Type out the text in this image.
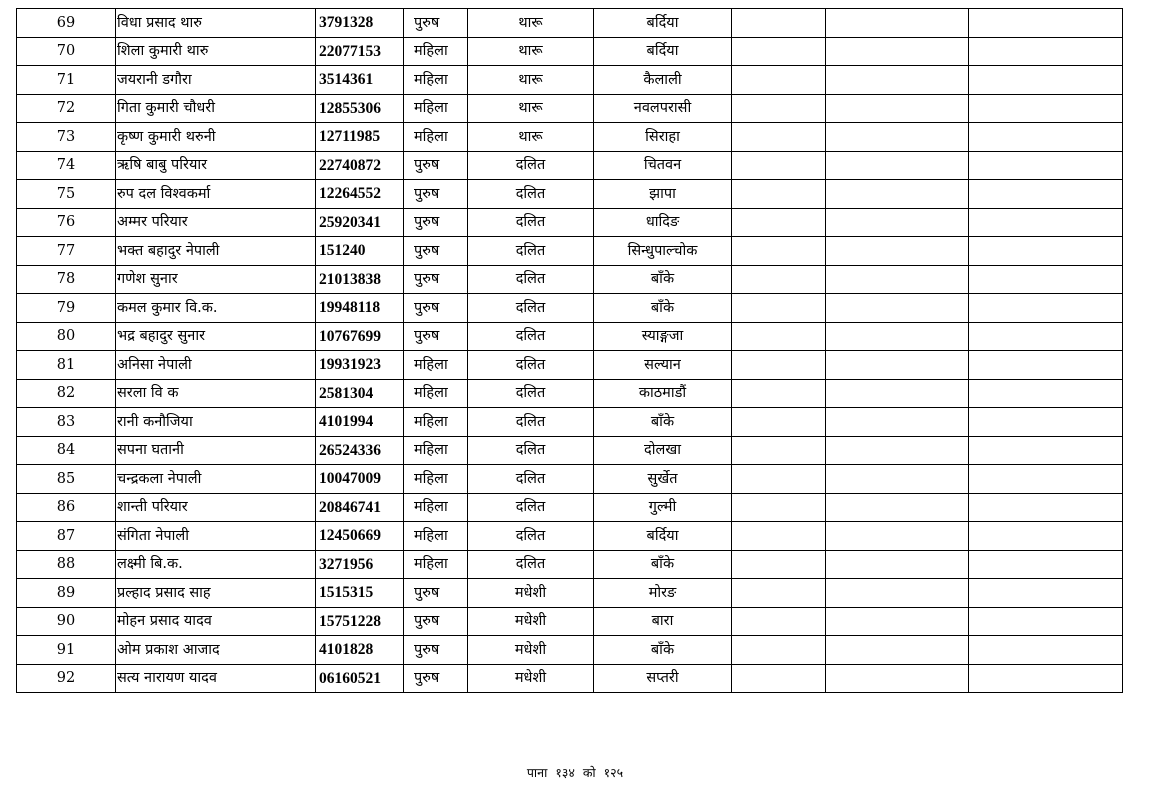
69	विधा प्रसाद थारु	3791328	पुरुष	थारू	बर्दिया			
70	शिला कुमारी थारु	22077153	महिला	थारू	बर्दिया			
71	जयरानी डगौरा	3514361	महिला	थारू	कैलाली			
72	गिता कुमारी चौधरी	12855306	महिला	थारू	नवलपरासी			
73	कृष्ण कुमारी थरुनी	12711985	महिला	थारू	सिराहा			
74	ऋषि बाबु परियार	22740872	पुरुष	दलित	चितवन			
75	रुप दल विश्वकर्मा	12264552	पुरुष	दलित	झापा			
76	अम्मर परियार	25920341	पुरुष	दलित	धादिङ			
77	भक्त बहादुर नेपाली	151240	पुरुष	दलित	सिन्धुपाल्चोक			
78	गणेश सुनार	21013838	पुरुष	दलित	बाँके			
79	कमल कुमार वि.क.	19948118	पुरुष	दलित	बाँके			
80	भद्र बहादुर सुनार	10767699	पुरुष	दलित	स्याङ्गजा			
81	अनिसा नेपाली	19931923	महिला	दलित	सल्यान			
82	सरला वि क	2581304	महिला	दलित	काठमाडौं			
83	रानी कनौजिया	4101994	महिला	दलित	बाँके			
84	सपना घतानी	26524336	महिला	दलित	दोलखा			
85	चन्द्रकला नेपाली	10047009	महिला	दलित	सुर्खेत			
86	शान्ती परियार	20846741	महिला	दलित	गुल्मी			
87	संगिता नेपाली	12450669	महिला	दलित	बर्दिया			
88	लक्ष्मी बि.क.	3271956	महिला	दलित	बाँके			
89	प्रल्हाद प्रसाद साह	1515315	पुरुष	मधेशी	मोरङ			
90	मोहन प्रसाद यादव	15751228	पुरुष	मधेशी	बारा			
91	ओम प्रकाश आजाद	4101828	पुरुष	मधेशी	बाँके			
92	सत्य नारायण यादव	06160521	पुरुष	मधेशी	सप्तरी			
पाना १३४ को १२५
